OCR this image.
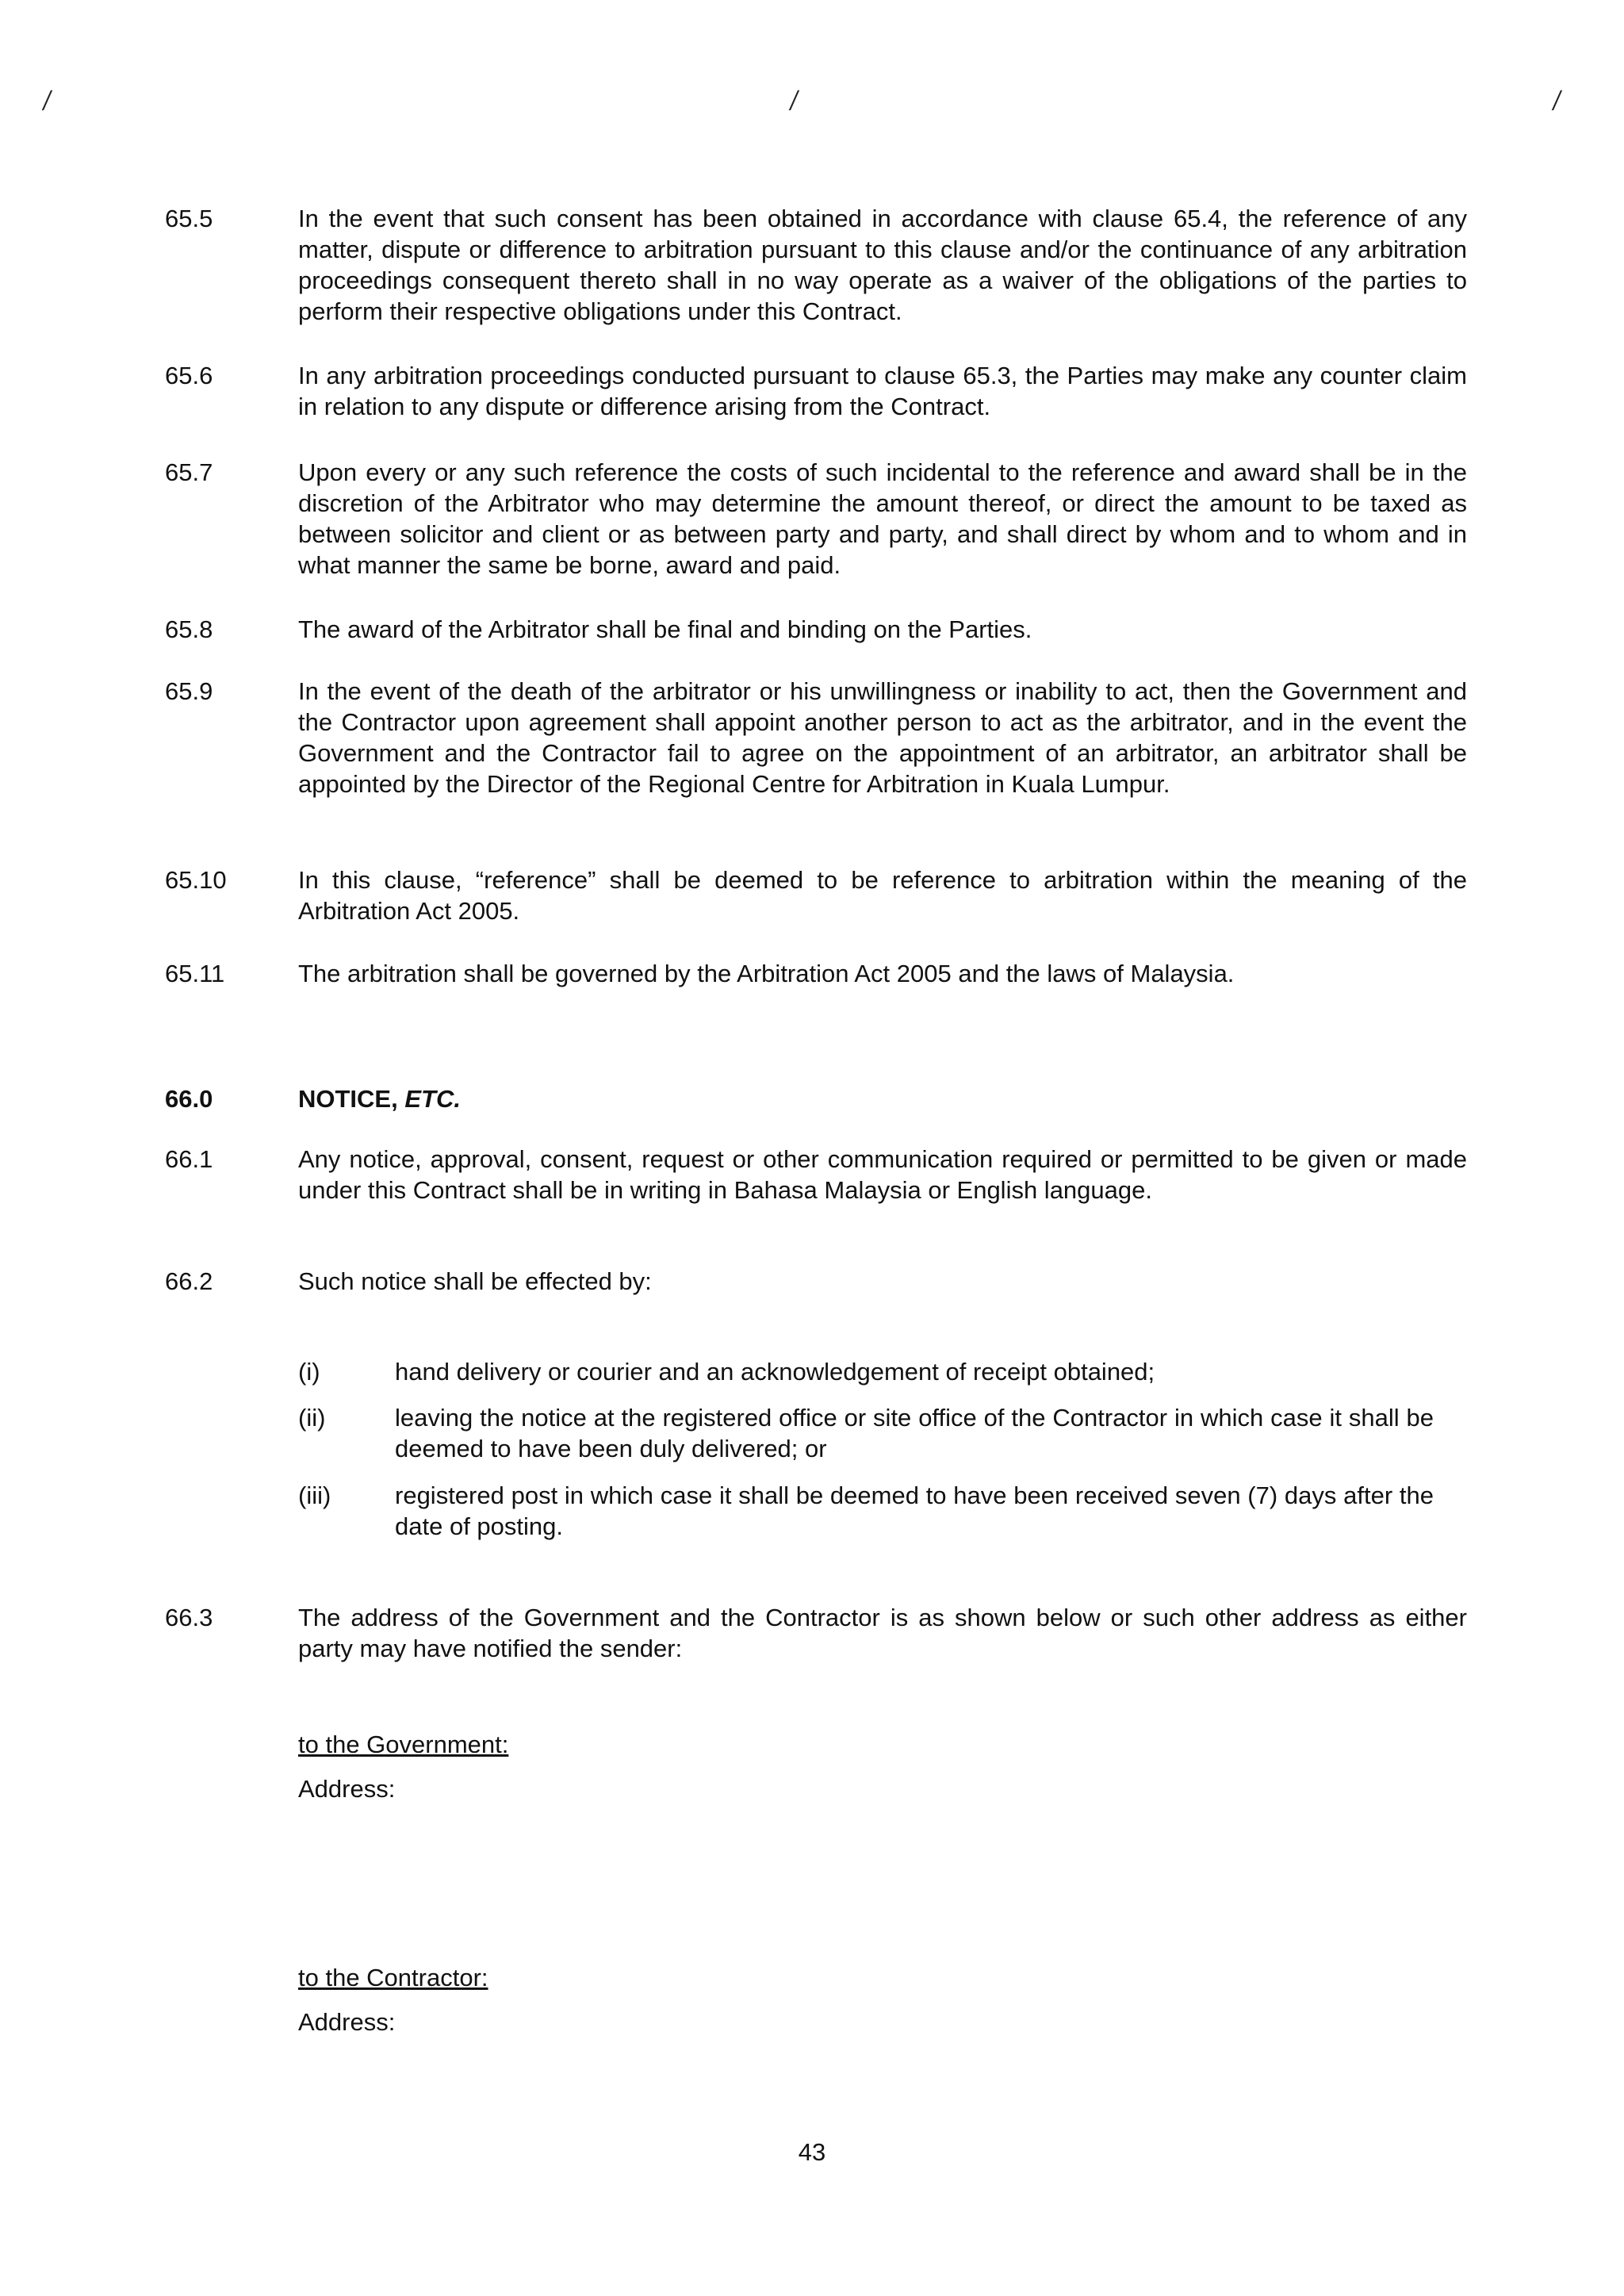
⁄	⁄	⁄
65.5	In the event that such consent has been obtained in accordance with clause 65.4, the reference of any matter, dispute or difference to arbitration pursuant to this clause and/or the continuance of any arbitration proceedings consequent thereto shall in no way operate as a waiver of the obligations of the parties to perform their respective obligations under this Contract.
65.6	In any arbitration proceedings conducted pursuant to clause 65.3, the Parties may make any counter claim in relation to any dispute or difference arising from the Contract.
65.7	Upon every or any such reference the costs of such incidental to the reference and award shall be in the discretion of the Arbitrator who may determine the amount thereof, or direct the amount to be taxed as between solicitor and client or as between party and party, and shall direct by whom and to whom and in what manner the same be borne, award and paid.
65.8	The award of the Arbitrator shall be final and binding on the Parties.
65.9	In the event of the death of the arbitrator or his unwillingness or inability to act, then the Government and the Contractor upon agreement shall appoint another person to act as the arbitrator, and in the event the Government and the Contractor fail to agree on the appointment of an arbitrator, an arbitrator shall be appointed by the Director of the Regional Centre for Arbitration in Kuala Lumpur.
65.10	In this clause, “reference” shall be deemed to be reference to arbitration within the meaning of the Arbitration Act 2005.
65.11	The arbitration shall be governed by the Arbitration Act 2005 and the laws of Malaysia.
66.0	NOTICE, ETC.
66.1	Any notice, approval, consent, request or other communication required or permitted to be given or made under this Contract shall be in writing in Bahasa Malaysia or English language.
66.2	Such notice shall be effected by:
(i)	hand delivery or courier and an acknowledgement of receipt obtained;
(ii)	leaving the notice at the registered office or site office of the Contractor in which case it shall be deemed to have been duly delivered; or
(iii)	registered post in which case it shall be deemed to have been received seven (7) days after the date of posting.
66.3	The address of the Government and the Contractor is as shown below or such other address as either party may have notified the sender:
to the Government:
Address:
to the Contractor:
Address:
43
